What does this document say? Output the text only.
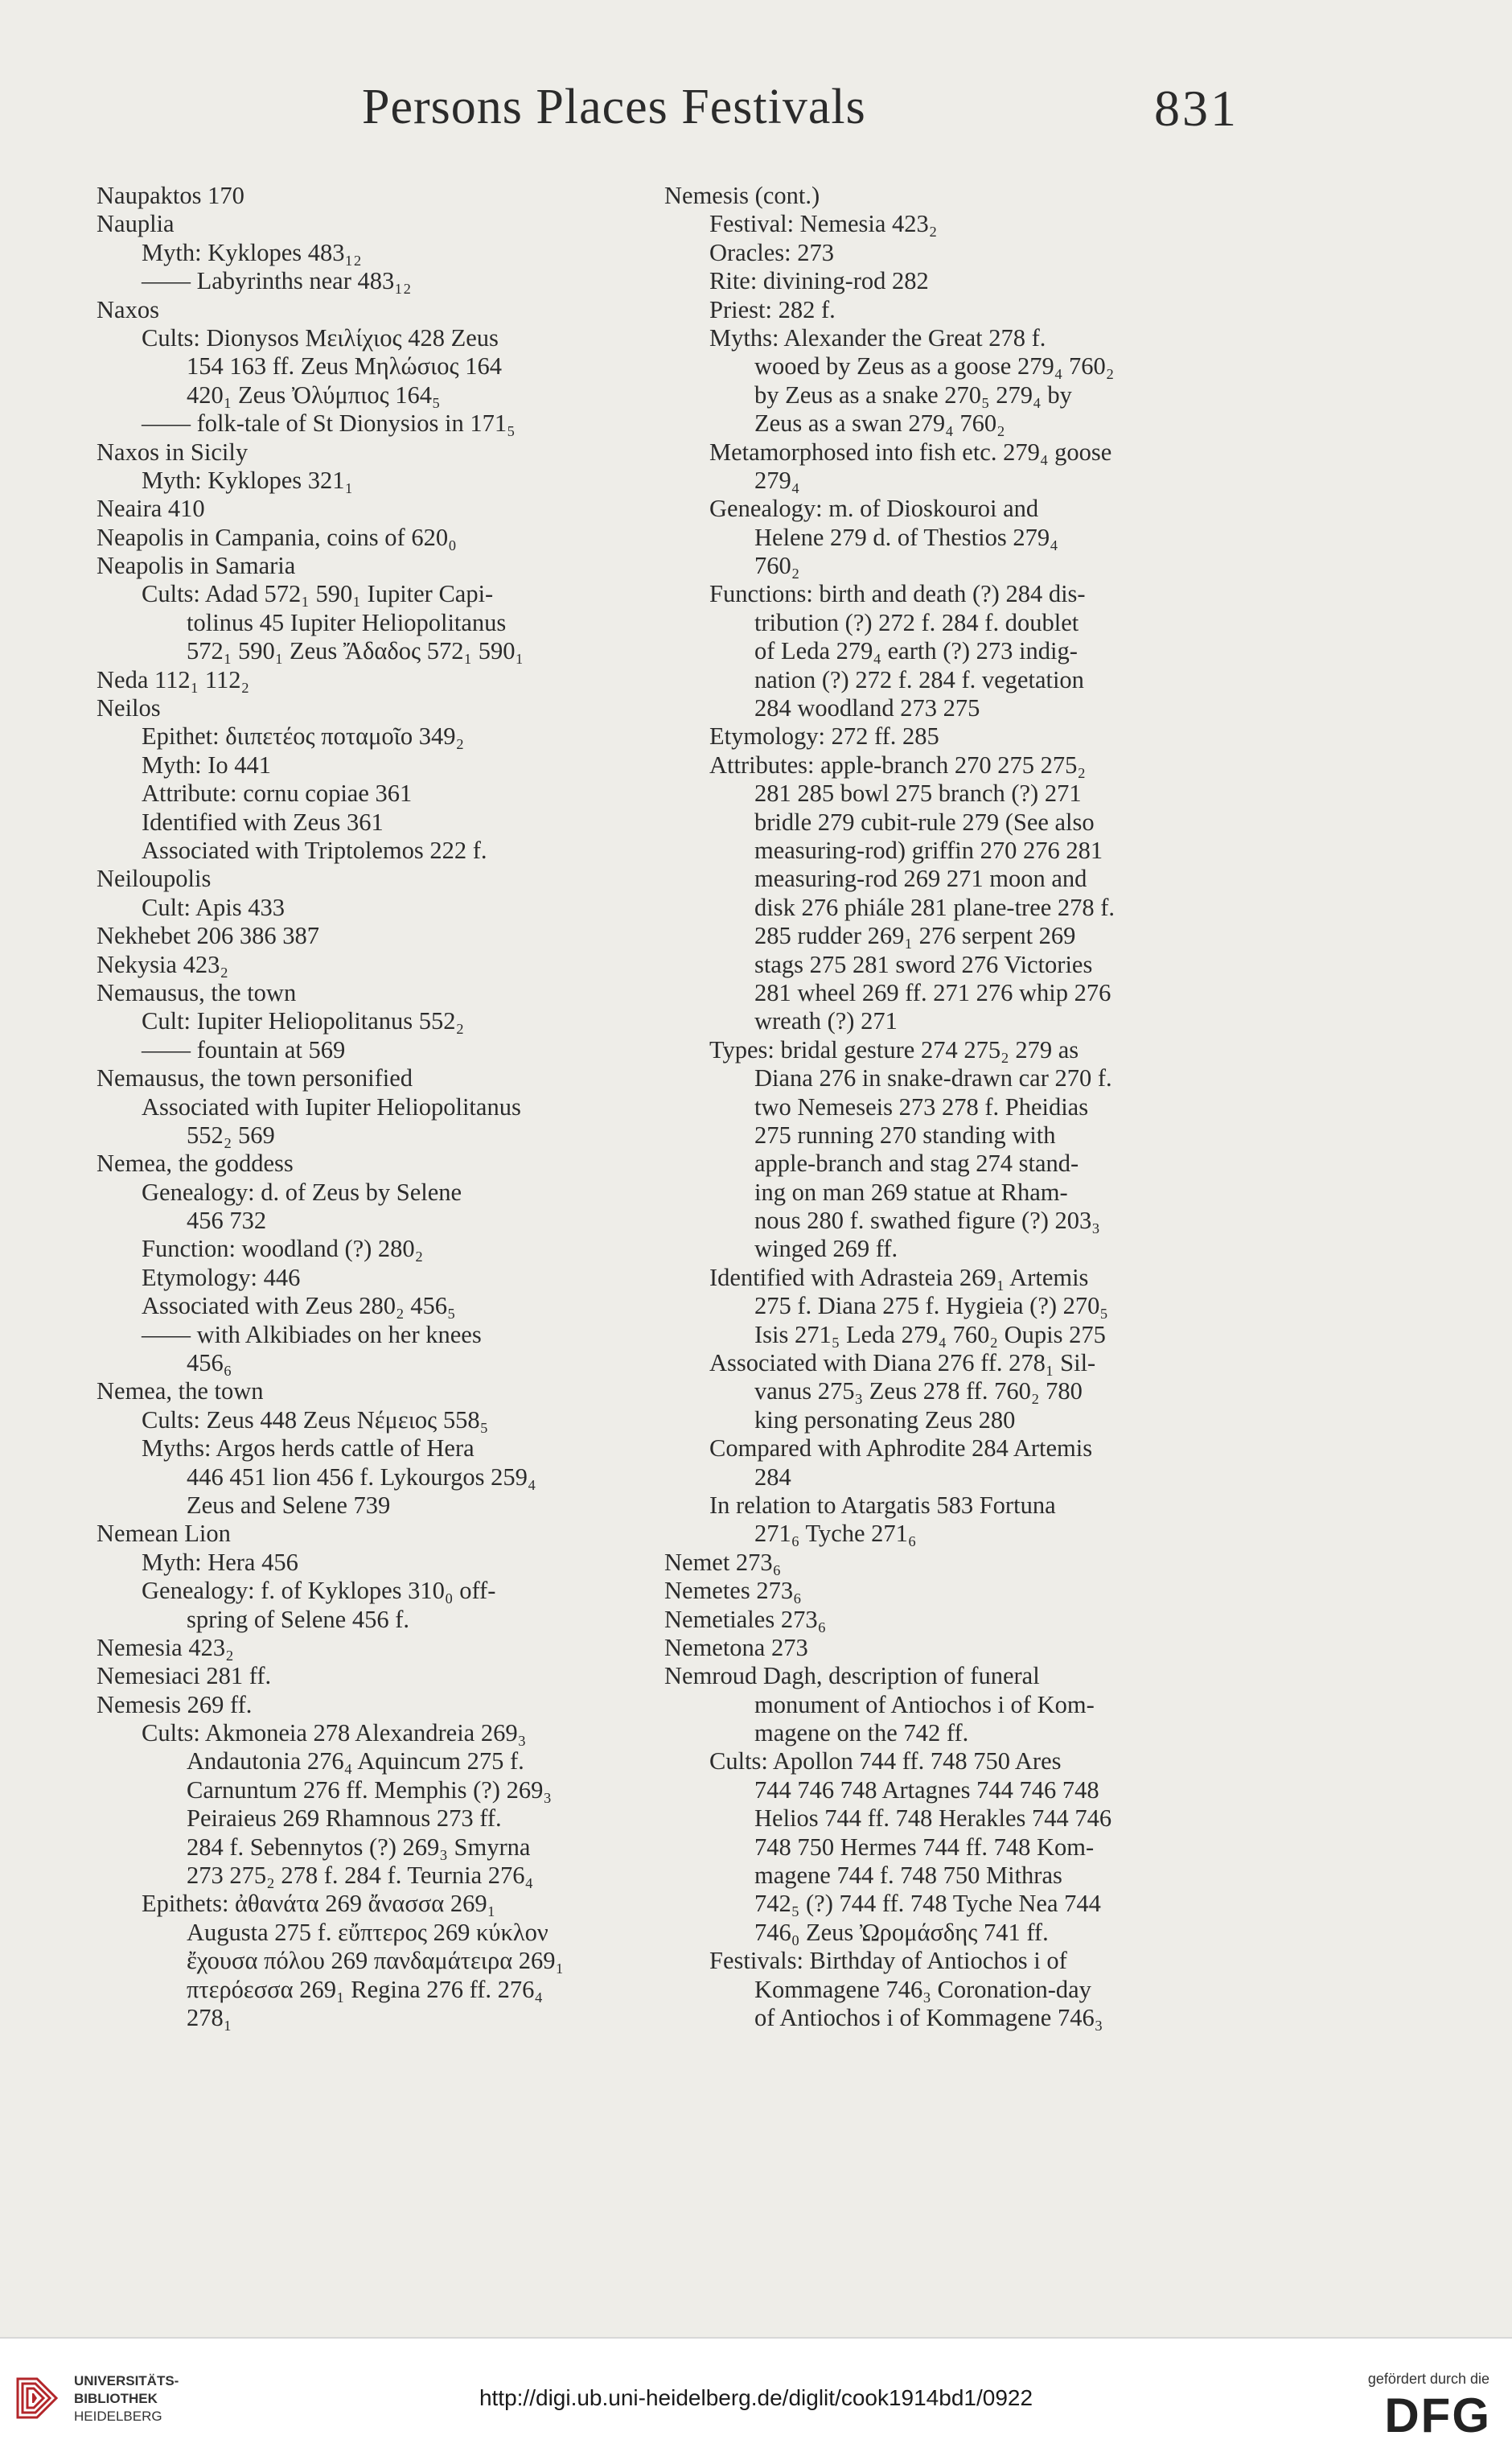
Persons Places Festivals	831
Naupaktos 170
Nauplia
Myth: Kyklopes 483₁₂
—— Labyrinths near 483₁₂
Naxos
Cults: Dionysos Μειλίχιος 428 Zeus
154 163 ff. Zeus Μηλώσιος 164
420₁ Zeus Ὀλύμπιος 164₅
—— folk-tale of St Dionysios in 171₅
Naxos in Sicily
Myth: Kyklopes 321₁
Neaira 410
Neapolis in Campania, coins of 620₀
Neapolis in Samaria
Cults: Adad 572₁ 590₁ Iupiter Capi-
tolinus 45 Iupiter Heliopolitanus
572₁ 590₁ Zeus Ἄδαδος 572₁ 590₁
Neda 112₁ 112₂
Neilos
Epithet: διιπετέος ποταμοῖο 349₂
Myth: Io 441
Attribute: cornu copiae 361
Identified with Zeus 361
Associated with Triptolemos 222 f.
Neiloupolis
Cult: Apis 433
Nekhebet 206 386 387
Nekysia 423₂
Nemausus, the town
Cult: Iupiter Heliopolitanus 552₂
—— fountain at 569
Nemausus, the town personified
Associated with Iupiter Heliopolitanus
552₂ 569
Nemea, the goddess
Genealogy: d. of Zeus by Selene
456 732
Function: woodland (?) 280₂
Etymology: 446
Associated with Zeus 280₂ 456₅
—— with Alkibiades on her knees
456₆
Nemea, the town
Cults: Zeus 448 Zeus Νέμειος 558₅
Myths: Argos herds cattle of Hera
446 451 lion 456 f. Lykourgos 259₄
Zeus and Selene 739
Nemean Lion
Myth: Hera 456
Genealogy: f. of Kyklopes 310₀ off-
spring of Selene 456 f.
Nemesia 423₂
Nemesiaci 281 ff.
Nemesis 269 ff.
Cults: Akmoneia 278 Alexandreia 269₃
Andautonia 276₄ Aquincum 275 f.
Carnuntum 276 ff. Memphis (?) 269₃
Peiraieus 269 Rhamnous 273 ff.
284 f. Sebennytos (?) 269₃ Smyrna
273 275₂ 278 f. 284 f. Teurnia 276₄
Epithets: ἀθανάτα 269 ἄνασσα 269₁
Augusta 275 f. εὔπτερος 269 κύκλον
ἔχουσα πόλου 269 πανδαμάτειρα 269₁
πτερόεσσα 269₁ Regina 276 ff. 276₄
278₁
Nemesis (cont.)
Festival: Nemesia 423₂
Oracles: 273
Rite: divining-rod 282
Priest: 282 f.
Myths: Alexander the Great 278 f.
wooed by Zeus as a goose 279₄ 760₂
by Zeus as a snake 270₅ 279₄ by
Zeus as a swan 279₄ 760₂
Metamorphosed into fish etc. 279₄ goose
279₄
Genealogy: m. of Dioskouroi and
Helene 279 d. of Thestios 279₄
760₂
Functions: birth and death (?) 284 dis-
tribution (?) 272 f. 284 f. doublet
of Leda 279₄ earth (?) 273 indig-
nation (?) 272 f. 284 f. vegetation
284 woodland 273 275
Etymology: 272 ff. 285
Attributes: apple-branch 270 275 275₂
281 285 bowl 275 branch (?) 271
bridle 279 cubit-rule 279 (See also
measuring-rod) griffin 270 276 281
measuring-rod 269 271 moon and
disk 276 phiále 281 plane-tree 278 f.
285 rudder 269₁ 276 serpent 269
stags 275 281 sword 276 Victories
281 wheel 269 ff. 271 276 whip 276
wreath (?) 271
Types: bridal gesture 274 275₂ 279 as
Diana 276 in snake-drawn car 270 f.
two Nemeseis 273 278 f. Pheidias
275 running 270 standing with
apple-branch and stag 274 stand-
ing on man 269 statue at Rham-
nous 280 f. swathed figure (?) 203₃
winged 269 ff.
Identified with Adrasteia 269₁ Artemis
275 f. Diana 275 f. Hygieia (?) 270₅
Isis 271₅ Leda 279₄ 760₂ Oupis 275
Associated with Diana 276 ff. 278₁ Sil-
vanus 275₃ Zeus 278 ff. 760₂ 780
king personating Zeus 280
Compared with Aphrodite 284 Artemis
284
In relation to Atargatis 583 Fortuna
271₆ Tyche 271₆
Nemet 273₆
Nemetes 273₆
Nemetiales 273₆
Nemetona 273
Nemroud Dagh, description of funeral
monument of Antiochos i of Kom-
magene on the 742 ff.
Cults: Apollon 744 ff. 748 750 Ares
744 746 748 Artagnes 744 746 748
Helios 744 ff. 748 Herakles 744 746
748 750 Hermes 744 ff. 748 Kom-
magene 744 f. 748 750 Mithras
742₅ (?) 744 ff. 748 Tyche Nea 744
746₀ Zeus Ὠρομάσδης 741 ff.
Festivals: Birthday of Antiochos i of
Kommagene 746₃ Coronation-day
of Antiochos i of Kommagene 746₃
UNIVERSITÄTS-
BIBLIOTHEK
HEIDELBERG
http://digi.ub.uni-heidelberg.de/diglit/cook1914bd1/0922
gefördert durch die
DFG
